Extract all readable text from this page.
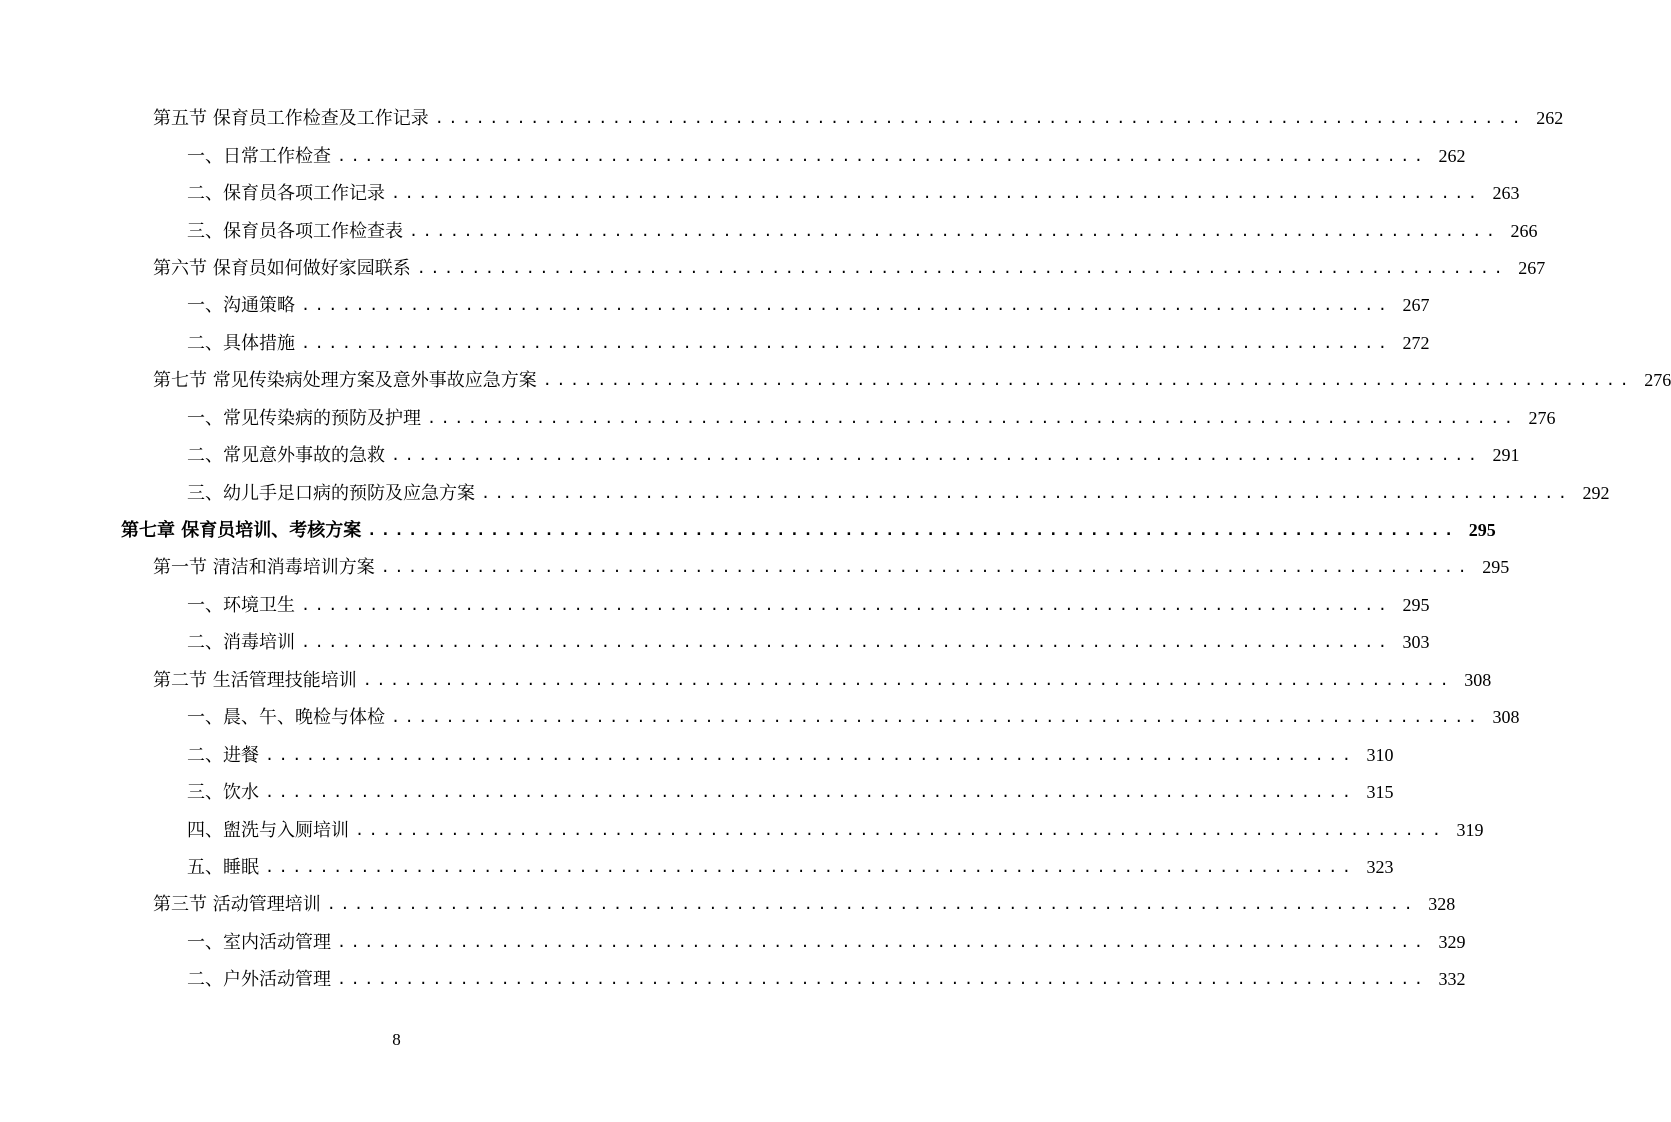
第五节 保育员工作检查及工作记录 ................................................................................ 262
一、日常工作检查 ................................................................................ 262
二、保育员各项工作记录 ................................................................................ 263
三、保育员各项工作检查表 ................................................................................ 266
第六节 保育员如何做好家园联系 ................................................................................ 267
一、沟通策略 ................................................................................ 267
二、具体措施 ................................................................................ 272
第七节 常见传染病处理方案及意外事故应急方案 ................................................................................ 276
一、常见传染病的预防及护理 ................................................................................ 276
二、常见意外事故的急救 ................................................................................ 291
三、幼儿手足口病的预防及应急方案 ................................................................................ 292
第七章 保育员培训、考核方案 ................................................................................ 295
第一节 清洁和消毒培训方案 ................................................................................ 295
一、环境卫生 ................................................................................ 295
二、消毒培训 ................................................................................ 303
第二节 生活管理技能培训 ................................................................................ 308
一、晨、午、晚检与体检 ................................................................................ 308
二、进餐 ................................................................................ 310
三、饮水 ................................................................................ 315
四、盥洗与入厕培训 ................................................................................ 319
五、睡眠 ................................................................................ 323
第三节 活动管理培训 ................................................................................ 328
一、室内活动管理 ................................................................................ 329
二、户外活动管理 ................................................................................ 332
8
